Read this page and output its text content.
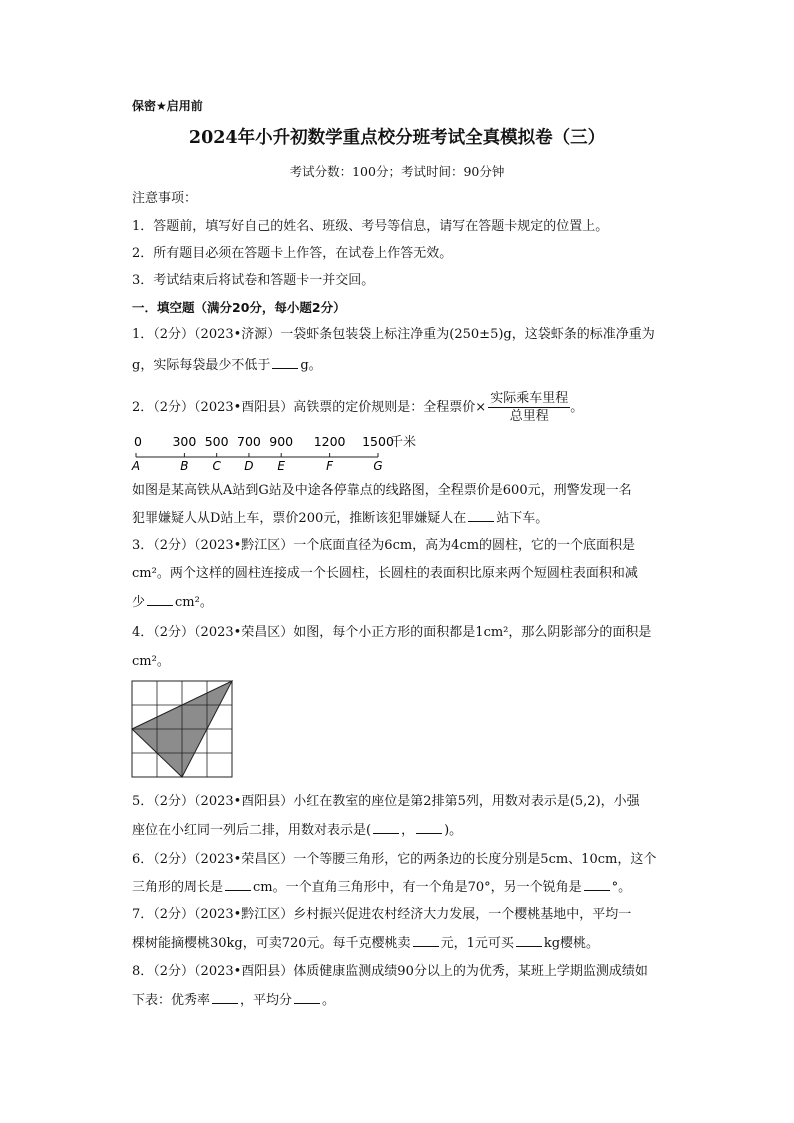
保密★启用前
2024年小升初数学重点校分班考试全真模拟卷（三）
考试分数：100分；考试时间：90分钟
注意事项：
1．答题前，填写好自己的姓名、班级、考号等信息，请写在答题卡规定的位置上。
2．所有题目必须在答题卡上作答，在试卷上作答无效。
3．考试结束后将试卷和答题卡一并交回。
一．填空题（满分20分，每小题2分）
1．（2分）（2023•济源）一袋虾条包装袋上标注净重为(250±5)g，这袋虾条的标准净重为
g，实际每袋最少不低于 g。
2．（2分）（2023•酉阳县）高铁票的定价规则是：全程票价× $\frac{\text{实际乘车里程}}{\text{总里程}}$ 。
0
A
300
B
500
C
700
D
900
E
1200
F
1500
G
千米
如图是某高铁从A站到G站及中途各停靠点的线路图，全程票价是600元，刑警发现一名
犯罪嫌疑人从D站上车，票价200元，推断该犯罪嫌疑人在 站下车。
3．（2分）（2023•黔江区）一个底面直径为6cm，高为4cm的圆柱，它的一个底面积是
cm²。两个这样的圆柱连接成一个长圆柱，长圆柱的表面积比原来两个短圆柱表面积和减
少 cm²。
4．（2分）（2023•荣昌区）如图，每个小正方形的面积都是1cm²，那么阴影部分的面积是
cm²。
5．（2分）（2023•酉阳县）小红在教室的座位是第2排第5列，用数对表示是(5,2)，小强
座位在小红同一列后二排，用数对表示是( ， )。
6．（2分）（2023•荣昌区）一个等腰三角形，它的两条边的长度分别是5cm、10cm，这个
三角形的周长是 cm。一个直角三角形中，有一个角是70°，另一个锐角是 °。
7．（2分）（2023•黔江区）乡村振兴促进农村经济大力发展，一个樱桃基地中，平均一
棵树能摘樱桃30kg，可卖720元。每千克樱桃卖 元，1元可买 kg樱桃。
8．（2分）（2023•酉阳县）体质健康监测成绩90分以上的为优秀，某班上学期监测成绩如
下表：优秀率 ，平均分 。
